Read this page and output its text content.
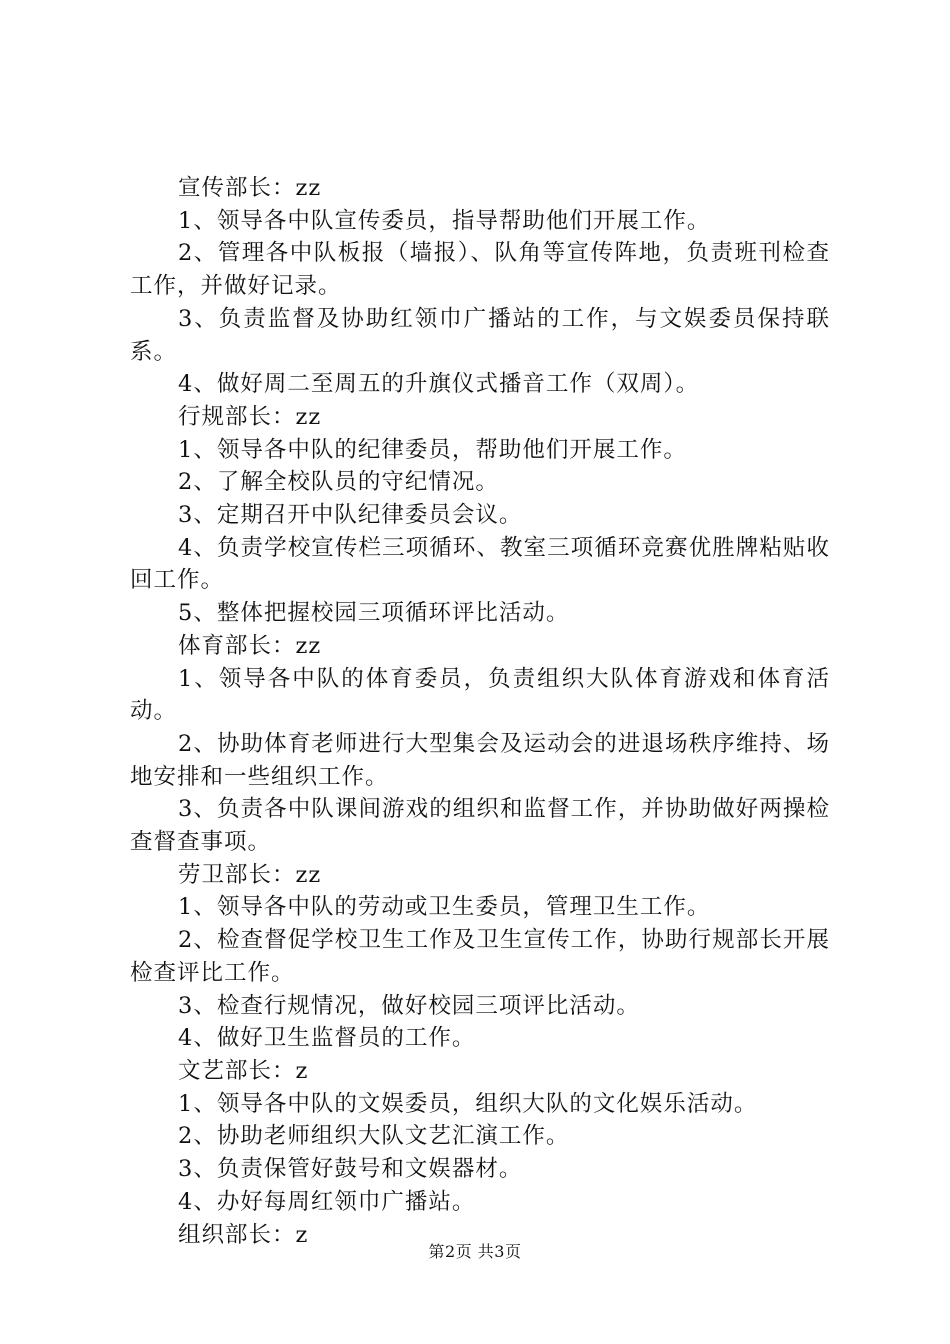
宣传部长：zz

1、领导各中队宣传委员，指导帮助他们开展工作。

2、管理各中队板报（墙报）、队角等宣传阵地，负责班刊检查工作，并做好记录。

3、负责监督及协助红领巾广播站的工作，与文娱委员保持联系。

4、做好周二至周五的升旗仪式播音工作（双周）。

行规部长：zz

1、领导各中队的纪律委员，帮助他们开展工作。

2、了解全校队员的守纪情况。

3、定期召开中队纪律委员会议。

4、负责学校宣传栏三项循环、教室三项循环竞赛优胜牌粘贴收回工作。

5、整体把握校园三项循环评比活动。

体育部长：zz

1、领导各中队的体育委员，负责组织大队体育游戏和体育活动。

2、协助体育老师进行大型集会及运动会的进退场秩序维持、场地安排和一些组织工作。

3、负责各中队课间游戏的组织和监督工作，并协助做好两操检查督查事项。

劳卫部长：zz

1、领导各中队的劳动或卫生委员，管理卫生工作。

2、检查督促学校卫生工作及卫生宣传工作，协助行规部长开展检查评比工作。

3、检查行规情况，做好校园三项评比活动。

4、做好卫生监督员的工作。

文艺部长：z

1、领导各中队的文娱委员，组织大队的文化娱乐活动。

2、协助老师组织大队文艺汇演工作。

3、负责保管好鼓号和文娱器材。

4、办好每周红领巾广播站。

组织部长：z

第2页 共3页
